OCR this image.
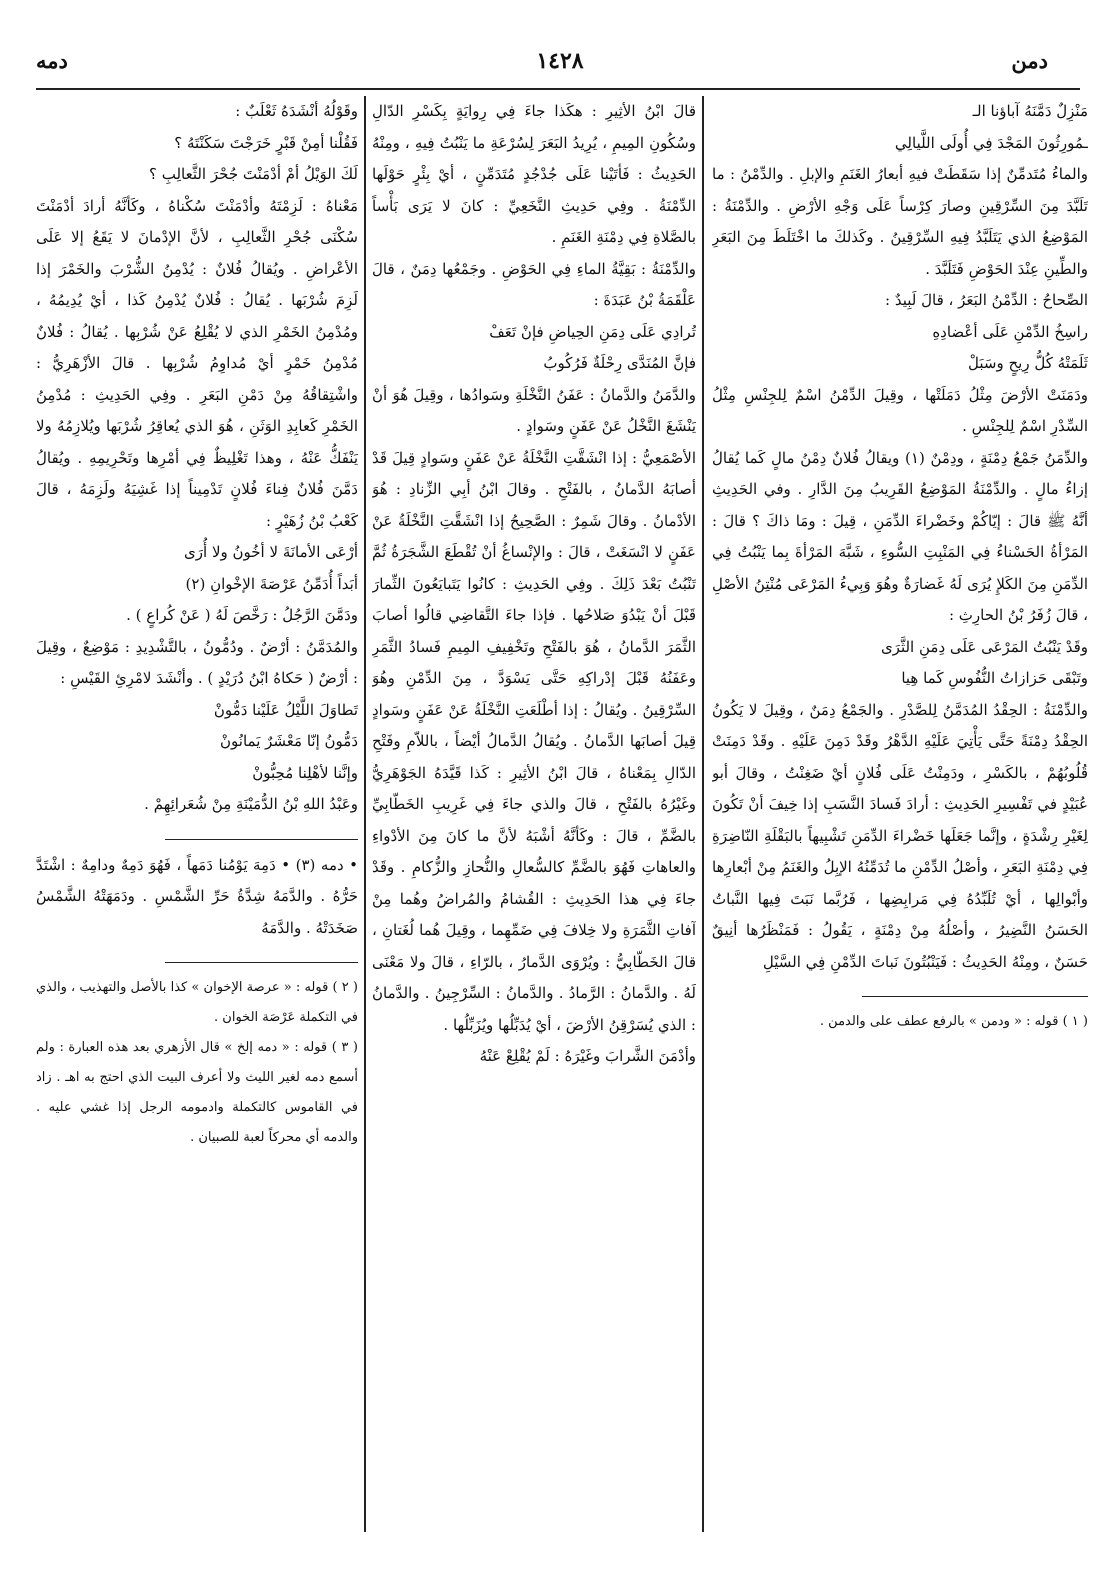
دمن
١٤٢٨
دمه

مَنْزِلٌ دَمَّنَهُ آباؤنا الـ

ـمُورِثُونَ المَجْدَ فِي أُولَى اللَّيالِي

والماءُ مُتَدمِّنٌ إذا سَقَطَتْ فيهِ أبعارُ الغَنَمِ والإبلِ . والدِّمْنُ : ما تَلَبَّدَ مِنَ السِّرْقِينِ وصارَ كِرْساً عَلَى وَجْهِ الأرْضِ . والدِّمْنَةُ : المَوْضِعُ الذي يَتَلَبَّدُ فِيهِ السِّرْقِينُ . وكَذلكَ ما اخْتَلَطَ مِنَ البَعَرِ والطِّينِ عِنْدَ الحَوْضِ فَتَلَبَّدَ .

الصِّحاحُ : الدِّمْنُ البَعَرُ ، قالَ لَبِيدٌ :

راسِخُ الدِّمْنِ عَلَى أعْضادِهِ

ثَلَمَتْهُ كُلُّ رِيحٍ وسَبَلْ

ودَمَنَتْ الأرْضَ مِثْلُ دَمَلَتْها ، وقِيلَ الدِّمْنُ اسْمٌ لِلجِنْسِ مِثْلُ السِّدْرِ اسْمٌ لِلجِنْسِ .

والدِّمَنُ جَمْعُ دِمْنَةٍ ، ودِمْنٌ (١) ويقالُ فُلانٌ دِمْنُ مالٍ كَما يُقالُ إزاءُ مالٍ . والدِّمْنَةُ المَوْضِعُ القَرِيبُ مِنَ الدَّارِ . وفي الحَدِيثِ أنَّهُ ﷺ قالَ : إيّاكُمْ وخَضْراءَ الدِّمَنِ ، قِيلَ : ومَا ذاكَ ؟ قالَ : المَرْأةُ الحَسْناءُ فِي المَنْبِتِ السُّوءِ ، شَبَّهَ المَرْأةَ بِما يَنْبُتُ فِي الدِّمَنِ مِنَ الكَلإِ يُرَى لَهُ غَضارَةٌ وهُوَ وَبِيءُ المَرْعَى مُنْتِنُ الأصْلِ ، قالَ زُفَرُ بْنُ الحارِثِ :

وقَدْ يَنْبُتُ المَرْعَى عَلَى دِمَنِ الثَّرَى

وتَبْقَى حَزازاتُ النُّفُوسِ كَما هِيا

والدِّمْنَةُ : الحِقْدُ المُدَمَّنُ لِلصَّدْرِ . والجَمْعُ دِمَنٌ ، وقِيلَ لا يَكُونُ الحِقْدُ دِمْنَةً حَتَّى يَأْتِيَ عَلَيْهِ الدَّهْرُ وقَدْ دَمِنَ عَلَيْهِ . وقَدْ دَمِنَتْ قُلُوبُهُمْ ، بالكَسْرِ ، ودَمِنْتُ عَلَى فُلانٍ أيْ ضَغِنْتُ ، وقالَ أبو عُبَيْدٍ في تَفْسِيرِ الحَدِيثِ : أرادَ فَسادَ النَّسَبِ إذا خِيفَ أنْ تَكُونَ لِغَيْرِ رِشْدَةٍ ، وإنَّما جَعَلَها خَضْراءَ الدِّمَنِ تَشْبِيهاً بالبَقْلَةِ النّاضِرَةِ فِي دِمْنَةِ البَعَرِ ، وأصْلُ الدِّمْنِ ما تُدَمِّنُهُ الإبِلُ والغَنَمُ مِنْ أبْعارِها وأبْوالِها ، أيْ تُلَبِّدُهُ فِي مَرابِضِها ، فَرُبَّما نَبَتَ فِيها النَّباتُ الحَسَنُ النَّضِيرُ ، وأصْلُهُ مِنْ دِمْنَةٍ ، يَقُولُ : فَمَنْظَرُها أنِيقٌ حَسَنٌ ، ومِنْهُ الحَدِيثُ : فَيَنْبُتُونَ نَباتَ الدِّمْنِ فِي السَّيْلِ

( ١ ) قوله : « ودمن » بالرفع عطف على والدمن .

قالَ ابْنُ الأثِيرِ : هكَذا جاءَ فِي رِوايَةٍ بِكَسْرِ الدّالِ وسُكُونِ المِيمِ ، يُرِيدُ البَعَرَ لِسُرْعَةِ ما يَنْبُتُ فِيهِ ، ومِنْهُ الحَدِيثُ : فَأتَيْنا عَلَى جُدْجُدٍ مُتَدَمِّنٍ ، أيْ بِئْرٍ حَوْلَها الدِّمْنَةُ . وفِي حَدِيثِ النَّخَعِيِّ : كانَ لا يَرَى بَأْساً بالصَّلاةِ فِي دِمْنَةِ الغَنَمِ .

والدِّمْنَةُ : بَقِيَّةُ الماءِ فِي الحَوْضِ . وجَمْعُها دِمَنٌ ، قالَ عَلْقَمَةُ بْنُ عَبَدَةَ :

تُرادِي عَلَى دِمَنِ الحِياضِ فإنْ تَعَفْ

فإنَّ المُنَدَّى رِحْلَةٌ فَرُكُوبُ

والدَّمَنُ والدَّمانُ : عَفَنُ النَّخْلَةِ وسَوادُها ، وقِيلَ هُوَ أنْ يَنْشَغَ النَّخْلُ عَنْ عَفَنٍ وسَوادٍ .

الأصْمَعِيُّ : إذا انْشَقَّتِ النَّخْلَةُ عَنْ عَفَنٍ وسَوادٍ قِيلَ قَدْ أصابَهُ الدَّمانُ ، بالفَتْحِ . وقالَ ابْنُ أبِي الزِّنادِ : هُوَ الأدْمانُ . وقالَ شَمِرٌ : الصَّحِيحُ إذا انْشَقَّتِ النَّخْلَةُ عَنْ عَفَنٍ لا انْسَغَتْ ، قالَ : والإنْساغُ أنْ تُقْطَعَ الشَّجَرَةُ ثُمَّ تَنْبُتُ بَعْدَ ذَلِكَ . وفِي الحَدِيثِ : كانُوا يَتَبايَعُونَ الثِّمارَ قَبْلَ أنْ يَبْدُوَ صَلاحُها . فإذا جاءَ التَّقاضِي قالُوا أصابَ الثَّمَرَ الدَّمانُ ، هُوَ بالفَتْحِ وتَخْفِيفِ المِيمِ فَسادُ الثَّمَرِ وعَفَنُهُ قَبْلَ إدْراكِهِ حَتَّى يَسْوَدَّ ، مِنَ الدِّمْنِ وهُوَ السِّرْقِينُ . ويُقالُ : إذا أطْلَعَتِ النَّخْلَةُ عَنْ عَفَنٍ وسَوادٍ قِيلَ أصابَها الدَّمانُ . ويُقالُ الدَّمالُ أيْضاً ، باللاّمِ وفَتْحِ الدّالِ بِمَعْناهُ ، قالَ ابْنُ الأثِيرِ : كَذا قَيَّدَهُ الجَوْهَرِيُّ وغَيْرُهُ بالفَتْحِ ، قالَ والذي جاءَ فِي غَرِيبِ الخَطّابِيِّ بالضَّمِّ ، قالَ : وكَأنَّهُ أشْبَهُ لأنَّ ما كانَ مِنَ الأدْواءِ والعاهاتِ فَهُوَ بالضَّمِّ كالسُّعالِ والنُّحازِ والزُّكامِ . وقَدْ جاءَ فِي هذا الحَدِيثِ : القُشامُ والمُراضُ وهُما مِنْ آفاتِ الثَّمَرَةِ ولا خِلافَ فِي ضَمِّهِما ، وقِيلَ هُما لُغَتانِ ، قالَ الخَطّابِيُّ : ويُرْوَى الدَّمارُ ، بالرّاءِ ، قالَ ولا مَعْنَى لَهُ . والدَّمانُ : الرَّمادُ . والدَّمانُ : السِّرْجِينُ . والدَّمانُ : الذي يُسَرْقِنُ الأرْضَ ، أيْ يُدَبِّلُها ويُزَبِّلُها .

وأدْمَنَ الشَّرابَ وغَيْرَهُ : لَمْ يُقْلِعْ عَنْهُ

وقَوْلُهُ أنْشَدَهُ ثَعْلَبٌ :

فَقُلْنا أمِنْ قَبْرٍ خَرَجْتَ سَكَنْتَهُ ؟

لَكَ الوَيْلُ أمْ أدْمَنْتَ جُحْرَ الثَّعالِبِ ؟

مَعْناهُ : لَزِمْتَهُ وأدْمَنْتَ سُكْناهُ ، وكَأنَّهُ أرادَ أدْمَنْتَ سُكْنَى جُحْرِ الثَّعالِبِ ، لأنَّ الإدْمانَ لا يَقَعُ إلا عَلَى الأعْراضِ . ويُقالُ فُلانٌ : يُدْمِنُ الشُّرْبَ والخَمْرَ إذا لَزِمَ شُرْبَها . يُقالُ : فُلانٌ يُدْمِنُ كَذا ، أيْ يُدِيمُهُ ، ومُدْمِنُ الخَمْرِ الذي لا يُقْلِعُ عَنْ شُرْبِها . يُقالُ : فُلانٌ مُدْمِنُ خَمْرٍ أيْ مُداوِمُ شُرْبِها . قالَ الأزْهَرِيُّ : واشْتِقاقُهُ مِنْ دَمْنِ البَعَرِ . وفِي الحَدِيثِ : مُدْمِنُ الخَمْرِ كَعابِدِ الوَثَنِ ، هُوَ الذي يُعاقِرُ شُرْبَها ويُلازِمُهُ ولا يَنْفَكُّ عَنْهُ ، وهذا تَغْلِيظٌ فِي أمْرِها وتَحْرِيمِهِ . ويُقالُ دَمَّنَ فُلانٌ فِناءَ فُلانٍ تَدْمِيناً إذا غَشِيَهُ ولَزِمَهُ ، قالَ كَعْبُ بْنُ زُهَيْرٍ :

أرْعَى الأمانَةَ لا أخُونُ ولا أُرَى

أبَداً أُدَمِّنُ عَرْصَةَ الإخْوانِ (٢)

ودَمَّنَ الرَّجُلُ : رَخَّصَ لَهُ ( عَنْ كُراعٍ ) .

والمُدَمَّنُ : أرْضٌ . ودُمُّونُ ، بالتَّشْدِيدِ : مَوْضِعٌ ، وقِيلَ : أرْضٌ ( حَكاهُ ابْنُ دُرَيْدٍ ) . وأنْشَدَ لامْرِئِ القَيْسِ :

تَطاوَلَ اللَّيْلُ عَلَيْنا دَمُّونْ

دَمُّونُ إنّا مَعْشَرٌ يَمانُونْ

وإنَّنا لأهْلِنا مُحِبُّونْ

وعَبْدُ اللهِ بْنُ الدُّمَيْنَةِ مِنْ شُعَرائِهِمْ .

• دمه (٣) • دَمِهَ يَوْمُنا دَمَهاً ، فَهُوَ دَمِهٌ ودامِهٌ : اشْتَدَّ حَرُّهُ . والدَّمَهُ شِدَّةُ حَرِّ الشَّمْسِ . ودَمَهَتْهُ الشَّمْسُ صَخَدَتْهُ . والدَّمَهُ

( ٢ ) قوله : « عرصة الإخوان » كذا بالأصل والتهذيب ، والذي في التكملة عَرْصَة الخوان .

( ٣ ) قوله : « دمه إلخ » قال الأزهري بعد هذه العبارة : ولم أسمع دمه لغير الليث ولا أعرف البيت الذي احتج به اهـ . زاد في القاموس كالتكملة وادمومه الرجل إذا غشي عليه . والدمه أي محركاً لعبة للصبيان .
